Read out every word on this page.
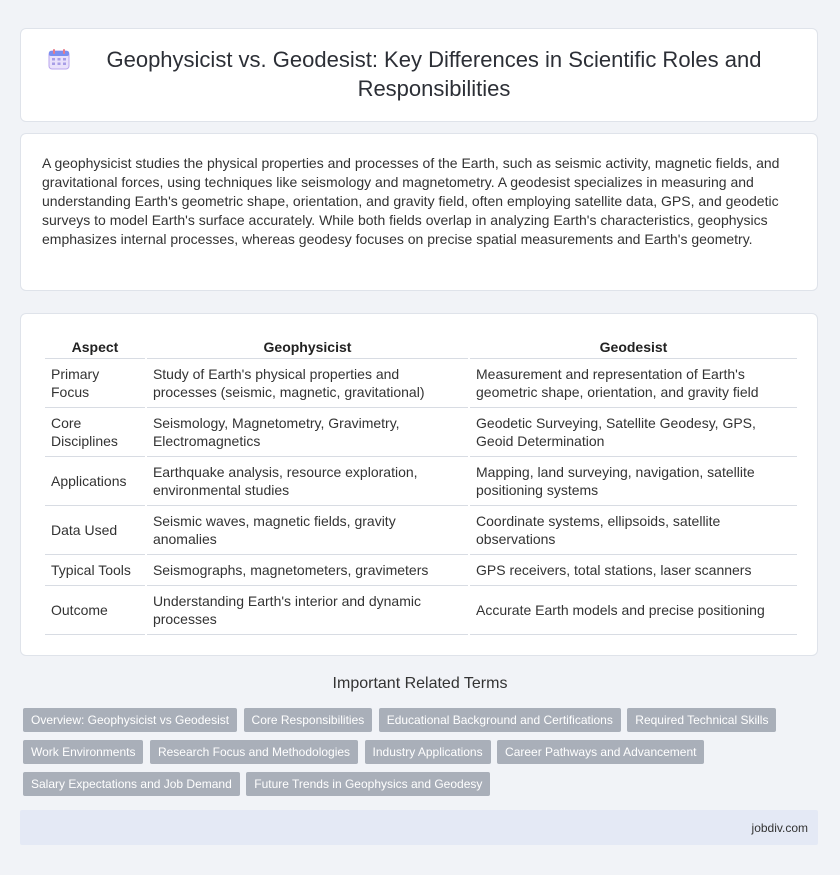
Geophysicist vs. Geodesist: Key Differences in Scientific Roles and Responsibilities

A geophysicist studies the physical properties and processes of the Earth, such as seismic activity, magnetic fields, and gravitational forces, using techniques like seismology and magnetometry. A geodesist specializes in measuring and understanding Earth's geometric shape, orientation, and gravity field, often employing satellite data, GPS, and geodetic surveys to model Earth's surface accurately. While both fields overlap in analyzing Earth's characteristics, geophysics emphasizes internal processes, whereas geodesy focuses on precise spatial measurements and Earth's geometry.

Aspect	Geophysicist	Geodesist
Primary Focus	Study of Earth's physical properties and processes (seismic, magnetic, gravitational)	Measurement and representation of Earth's geometric shape, orientation, and gravity field
Core Disciplines	Seismology, Magnetometry, Gravimetry, Electromagnetics	Geodetic Surveying, Satellite Geodesy, GPS, Geoid Determination
Applications	Earthquake analysis, resource exploration, environmental studies	Mapping, land surveying, navigation, satellite positioning systems
Data Used	Seismic waves, magnetic fields, gravity anomalies	Coordinate systems, ellipsoids, satellite observations
Typical Tools	Seismographs, magnetometers, gravimeters	GPS receivers, total stations, laser scanners
Outcome	Understanding Earth's interior and dynamic processes	Accurate Earth models and precise positioning
Important Related Terms
Overview: Geophysicist vs Geodesist Core Responsibilities Educational Background and Certifications Required Technical Skills Work Environments Research Focus and Methodologies Industry Applications Career Pathways and Advancement Salary Expectations and Job Demand Future Trends in Geophysics and Geodesy
jobdiv.com
